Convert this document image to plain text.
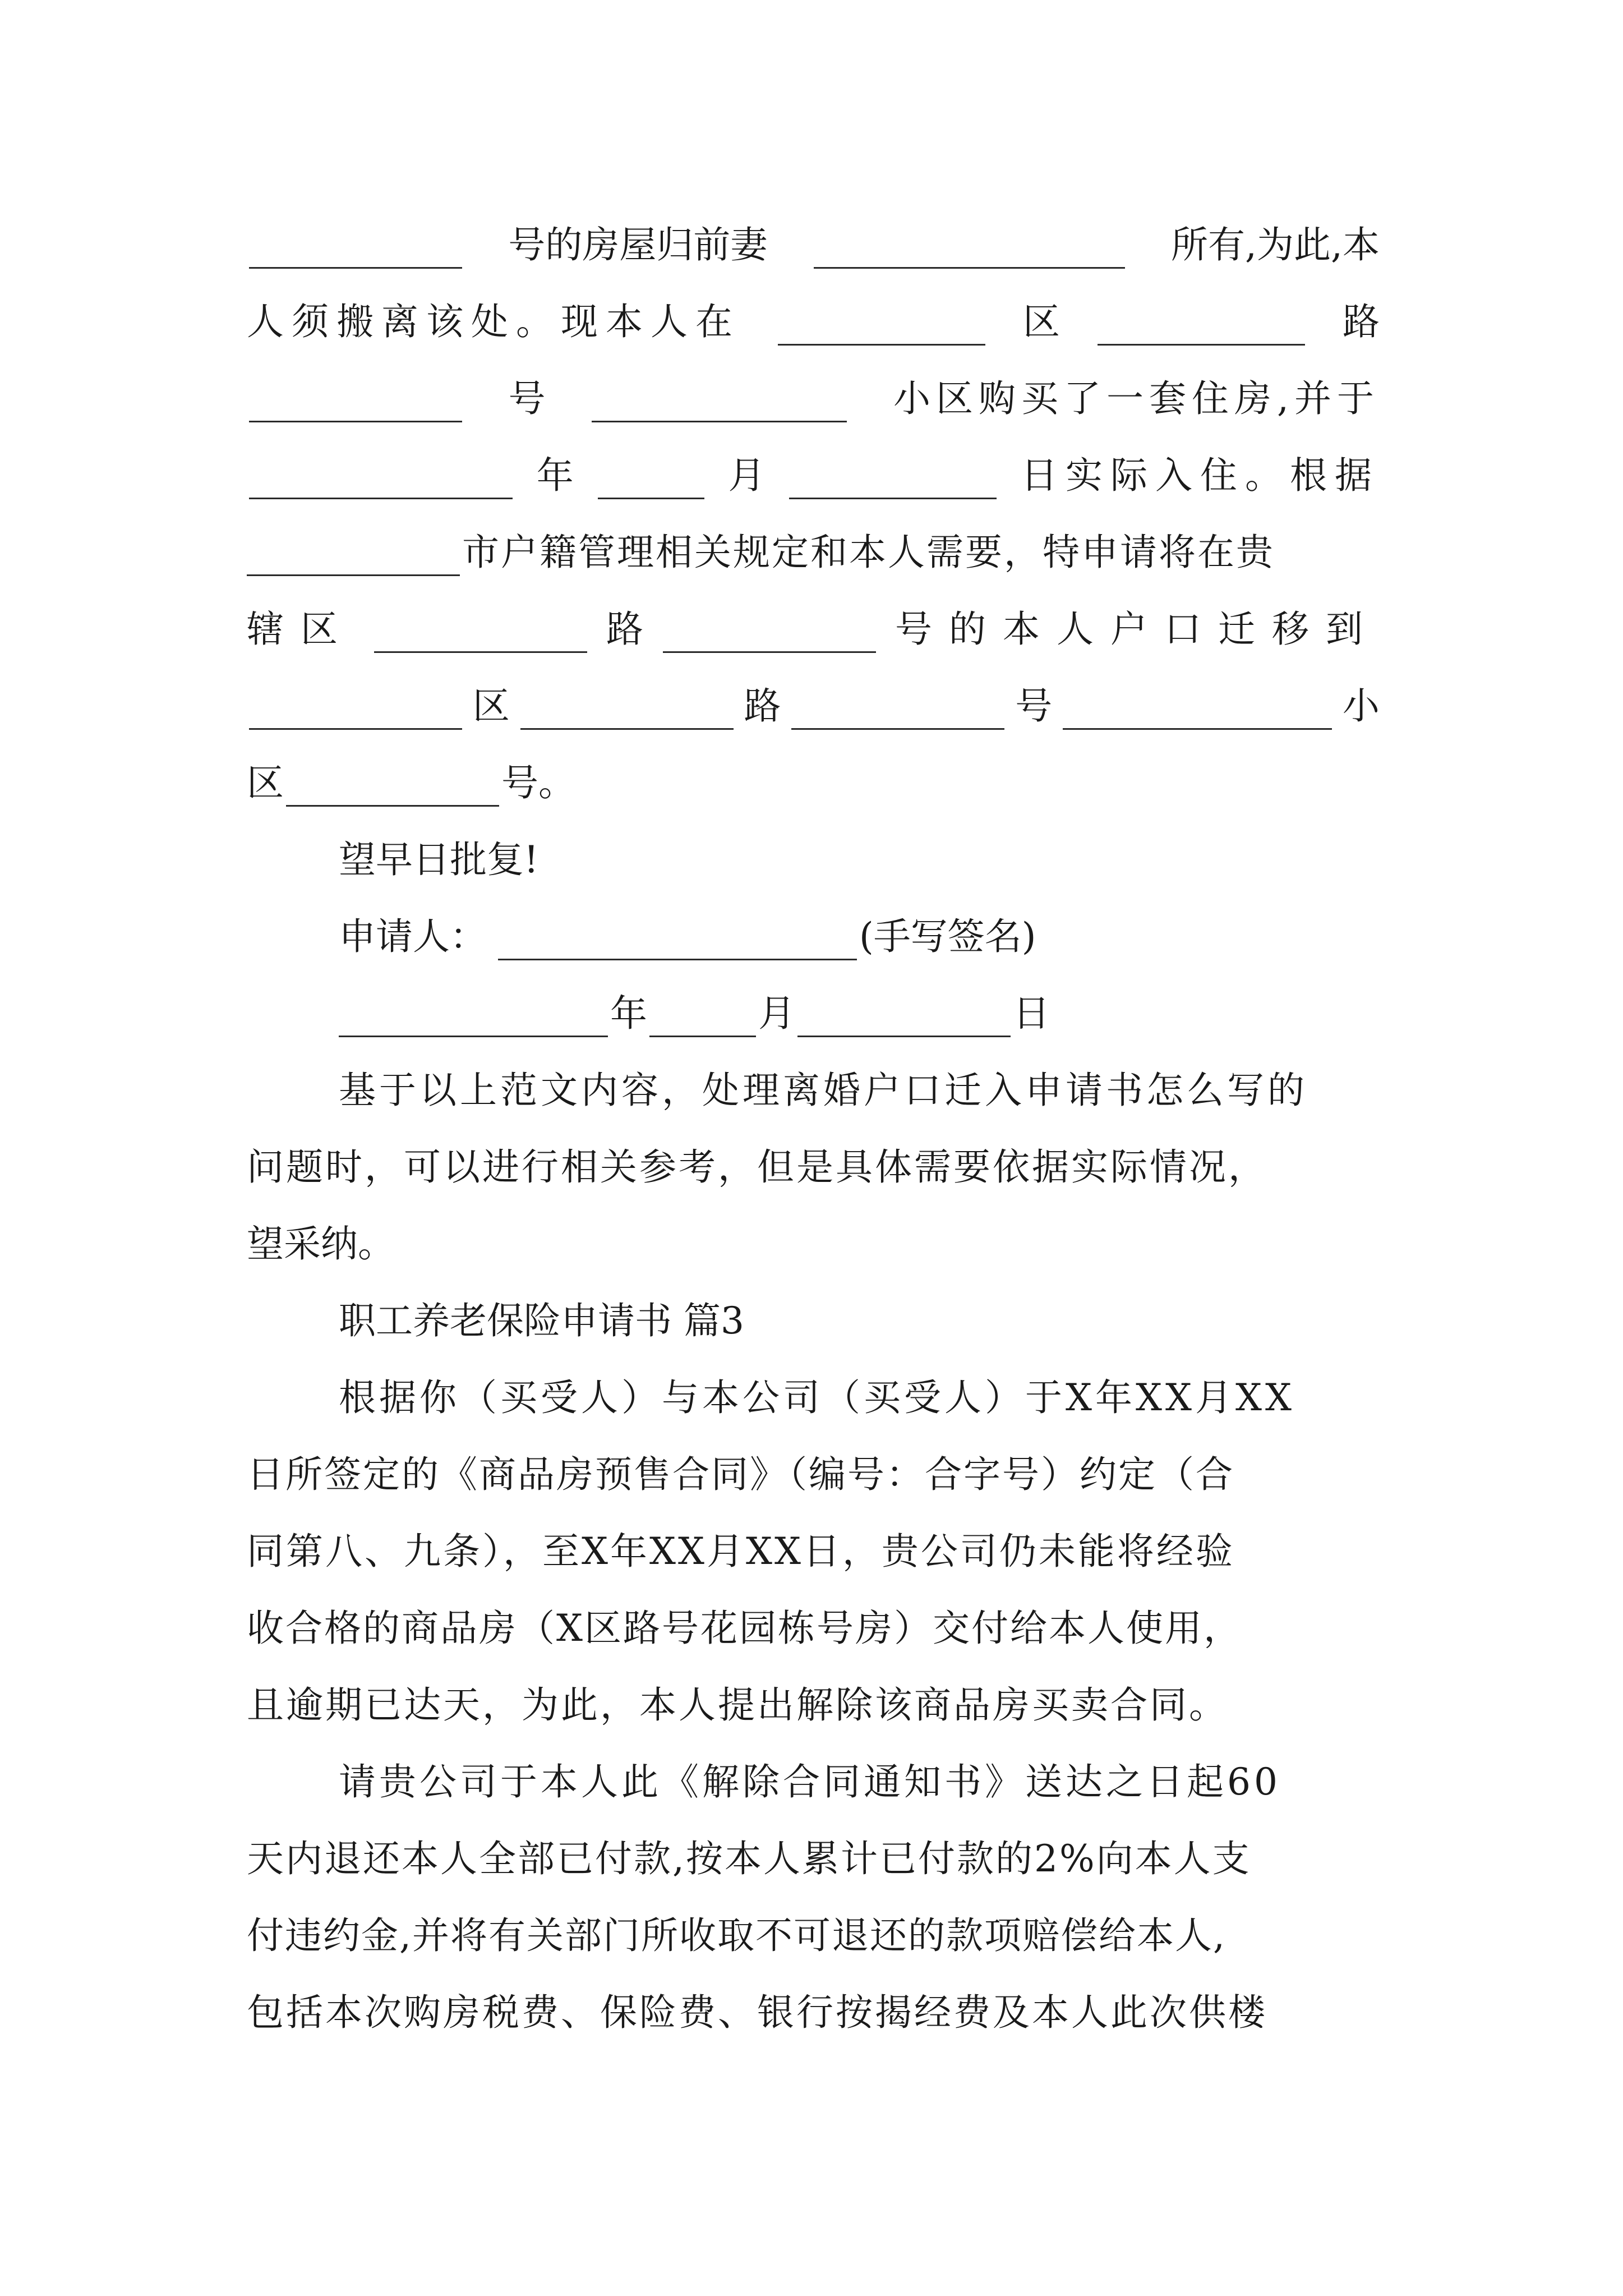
号的房屋归前妻	所有,为此,本
人须搬离该处。现本人在	区	路
号	小区购买了一套住房,并于
年	月	日实际入住。根据
市户籍管理相关规定和本人需要，特申请将在贵
辖区	路	号的本人户口迁移到
区	路	号	小
区	号。
望早日批复!
申请人：	(手写签名)
年	月	日
基于以上范文内容，处理离婚户口迁入申请书怎么写的
问题时，可以进行相关参考，但是具体需要依据实际情况，
望采纳。
职工养老保险申请书 篇3
根据你（买受人）与本公司（买受人）于X年XX月XX
日所签定的《商品房预售合同》（编号：合字号）约定（合
同第八、九条），至X年XX月XX日，贵公司仍未能将经验
收合格的商品房（X区路号花园栋号房）交付给本人使用，
且逾期已达天，为此，本人提出解除该商品房买卖合同。
请贵公司于本人此《解除合同通知书》送达之日起60
天内退还本人全部已付款,按本人累计已付款的2%向本人支
付违约金,并将有关部门所收取不可退还的款项赔偿给本人,
包括本次购房税费、保险费、银行按揭经费及本人此次供楼
